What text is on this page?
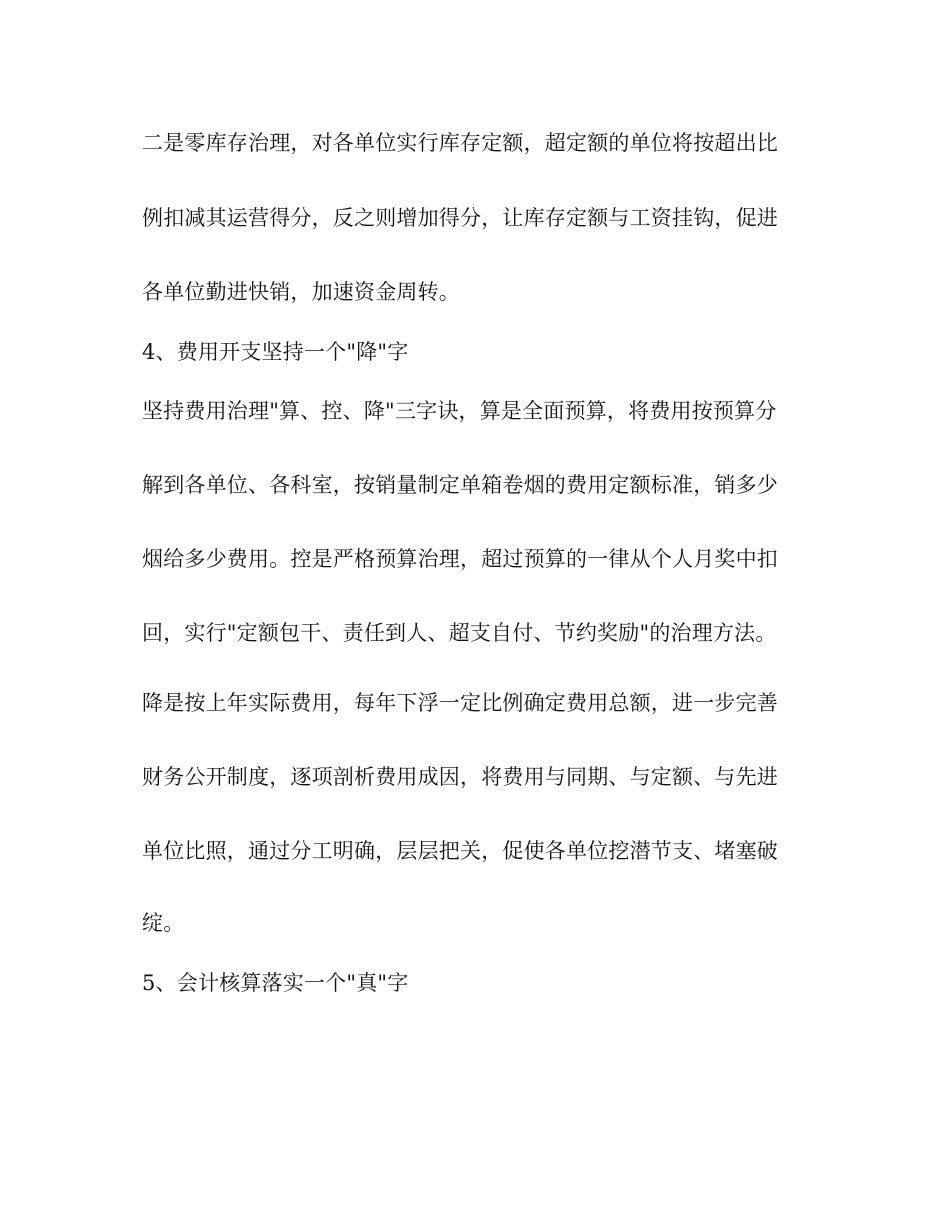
二是零库存治理，对各单位实行库存定额，超定额的单位将按超出比
例扣减其运营得分，反之则增加得分，让库存定额与工资挂钩，促进
各单位勤进快销，加速资金周转。
4、费用开支坚持一个"降"字
坚持费用治理"算、控、降"三字诀，算是全面预算，将费用按预算分
解到各单位、各科室，按销量制定单箱卷烟的费用定额标准，销多少
烟给多少费用。控是严格预算治理，超过预算的一律从个人月奖中扣
回，实行"定额包干、责任到人、超支自付、节约奖励"的治理方法。
降是按上年实际费用，每年下浮一定比例确定费用总额，进一步完善
财务公开制度，逐项剖析费用成因，将费用与同期、与定额、与先进
单位比照，通过分工明确，层层把关，促使各单位挖潜节支、堵塞破
绽。
5、会计核算落实一个"真"字
